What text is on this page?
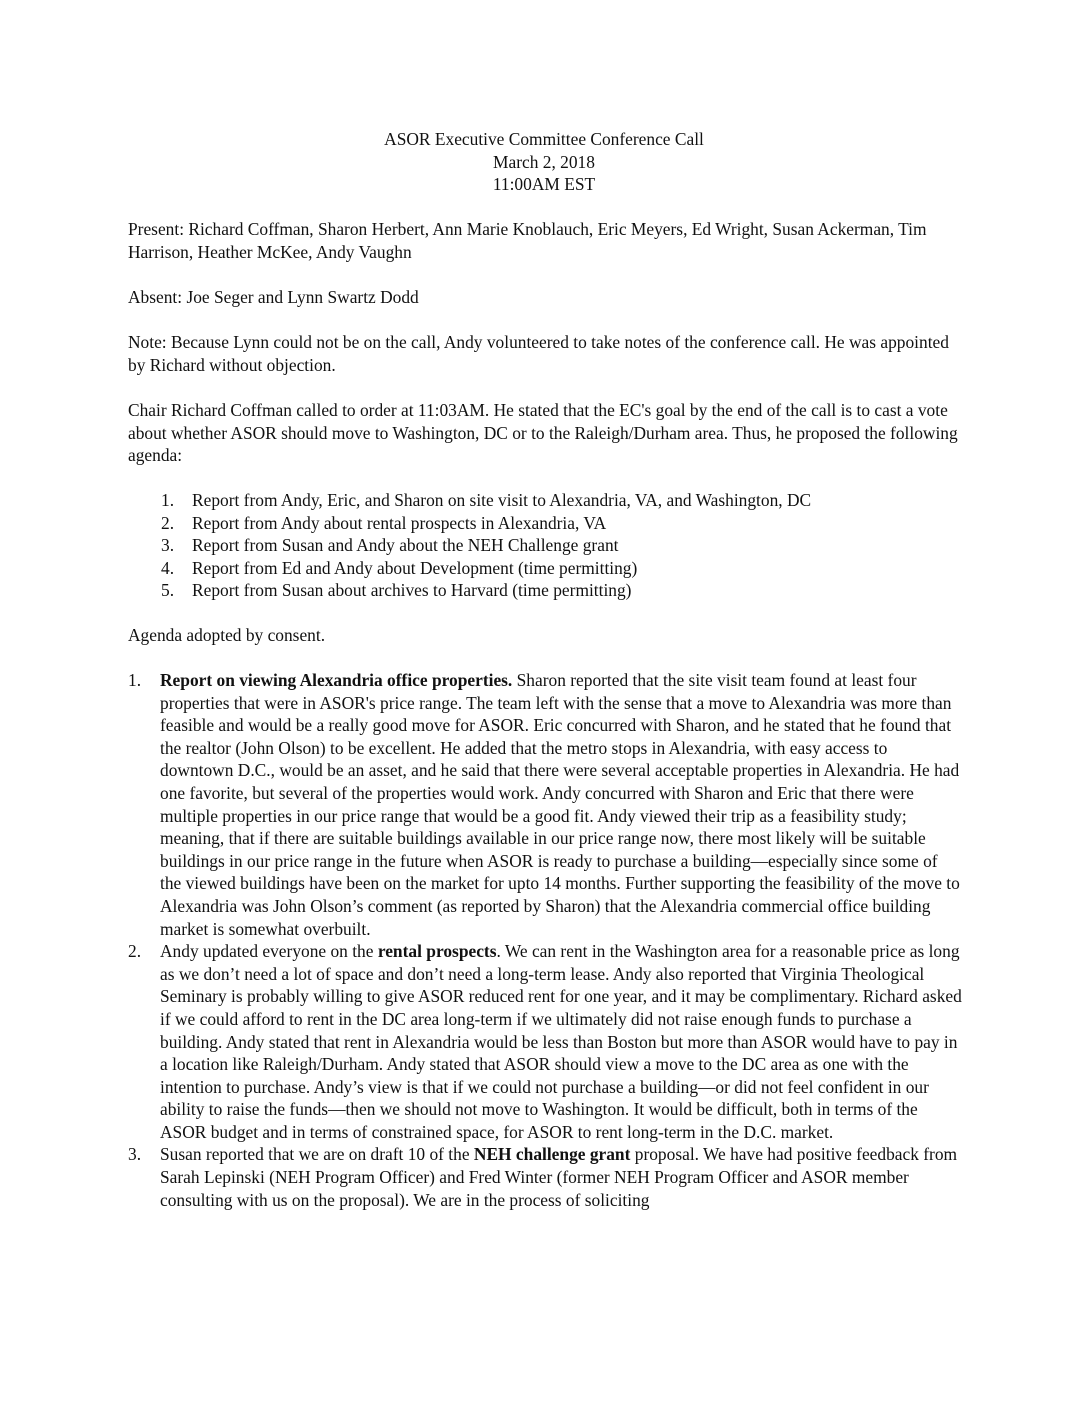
ASOR Executive Committee Conference Call
March 2, 2018
11:00AM EST

Present: Richard Coffman, Sharon Herbert, Ann Marie Knoblauch, Eric Meyers, Ed Wright, Susan Ackerman, Tim Harrison, Heather McKee, Andy Vaughn

Absent: Joe Seger and Lynn Swartz Dodd

Note: Because Lynn could not be on the call, Andy volunteered to take notes of the conference call. He was appointed by Richard without objection.

Chair Richard Coffman called to order at 11:03AM. He stated that the EC's goal by the end of the call is to cast a vote about whether ASOR should move to Washington, DC or to the Raleigh/Durham area. Thus, he proposed the following agenda:

1. Report from Andy, Eric, and Sharon on site visit to Alexandria, VA, and Washington, DC
2. Report from Andy about rental prospects in Alexandria, VA
3. Report from Susan and Andy about the NEH Challenge grant
4. Report from Ed and Andy about Development (time permitting)
5. Report from Susan about archives to Harvard (time permitting)

Agenda adopted by consent.

1. Report on viewing Alexandria office properties. Sharon reported that the site visit team found at least four properties that were in ASOR's price range. The team left with the sense that a move to Alexandria was more than feasible and would be a really good move for ASOR. Eric concurred with Sharon, and he stated that he found that the realtor (John Olson) to be excellent. He added that the metro stops in Alexandria, with easy access to downtown D.C., would be an asset, and he said that there were several acceptable properties in Alexandria. He had one favorite, but several of the properties would work. Andy concurred with Sharon and Eric that there were multiple properties in our price range that would be a good fit. Andy viewed their trip as a feasibility study; meaning, that if there are suitable buildings available in our price range now, there most likely will be suitable buildings in our price range in the future when ASOR is ready to purchase a building—especially since some of the viewed buildings have been on the market for upto 14 months. Further supporting the feasibility of the move to Alexandria was John Olson’s comment (as reported by Sharon) that the Alexandria commercial office building market is somewhat overbuilt.
2. Andy updated everyone on the rental prospects. We can rent in the Washington area for a reasonable price as long as we don’t need a lot of space and don’t need a long-term lease. Andy also reported that Virginia Theological Seminary is probably willing to give ASOR reduced rent for one year, and it may be complimentary. Richard asked if we could afford to rent in the DC area long-term if we ultimately did not raise enough funds to purchase a building. Andy stated that rent in Alexandria would be less than Boston but more than ASOR would have to pay in a location like Raleigh/Durham. Andy stated that ASOR should view a move to the DC area as one with the intention to purchase. Andy’s view is that if we could not purchase a building—or did not feel confident in our ability to raise the funds—then we should not move to Washington. It would be difficult, both in terms of the ASOR budget and in terms of constrained space, for ASOR to rent long-term in the D.C. market.
3. Susan reported that we are on draft 10 of the NEH challenge grant proposal. We have had positive feedback from Sarah Lepinski (NEH Program Officer) and Fred Winter (former NEH Program Officer and ASOR member consulting with us on the proposal). We are in the process of soliciting
